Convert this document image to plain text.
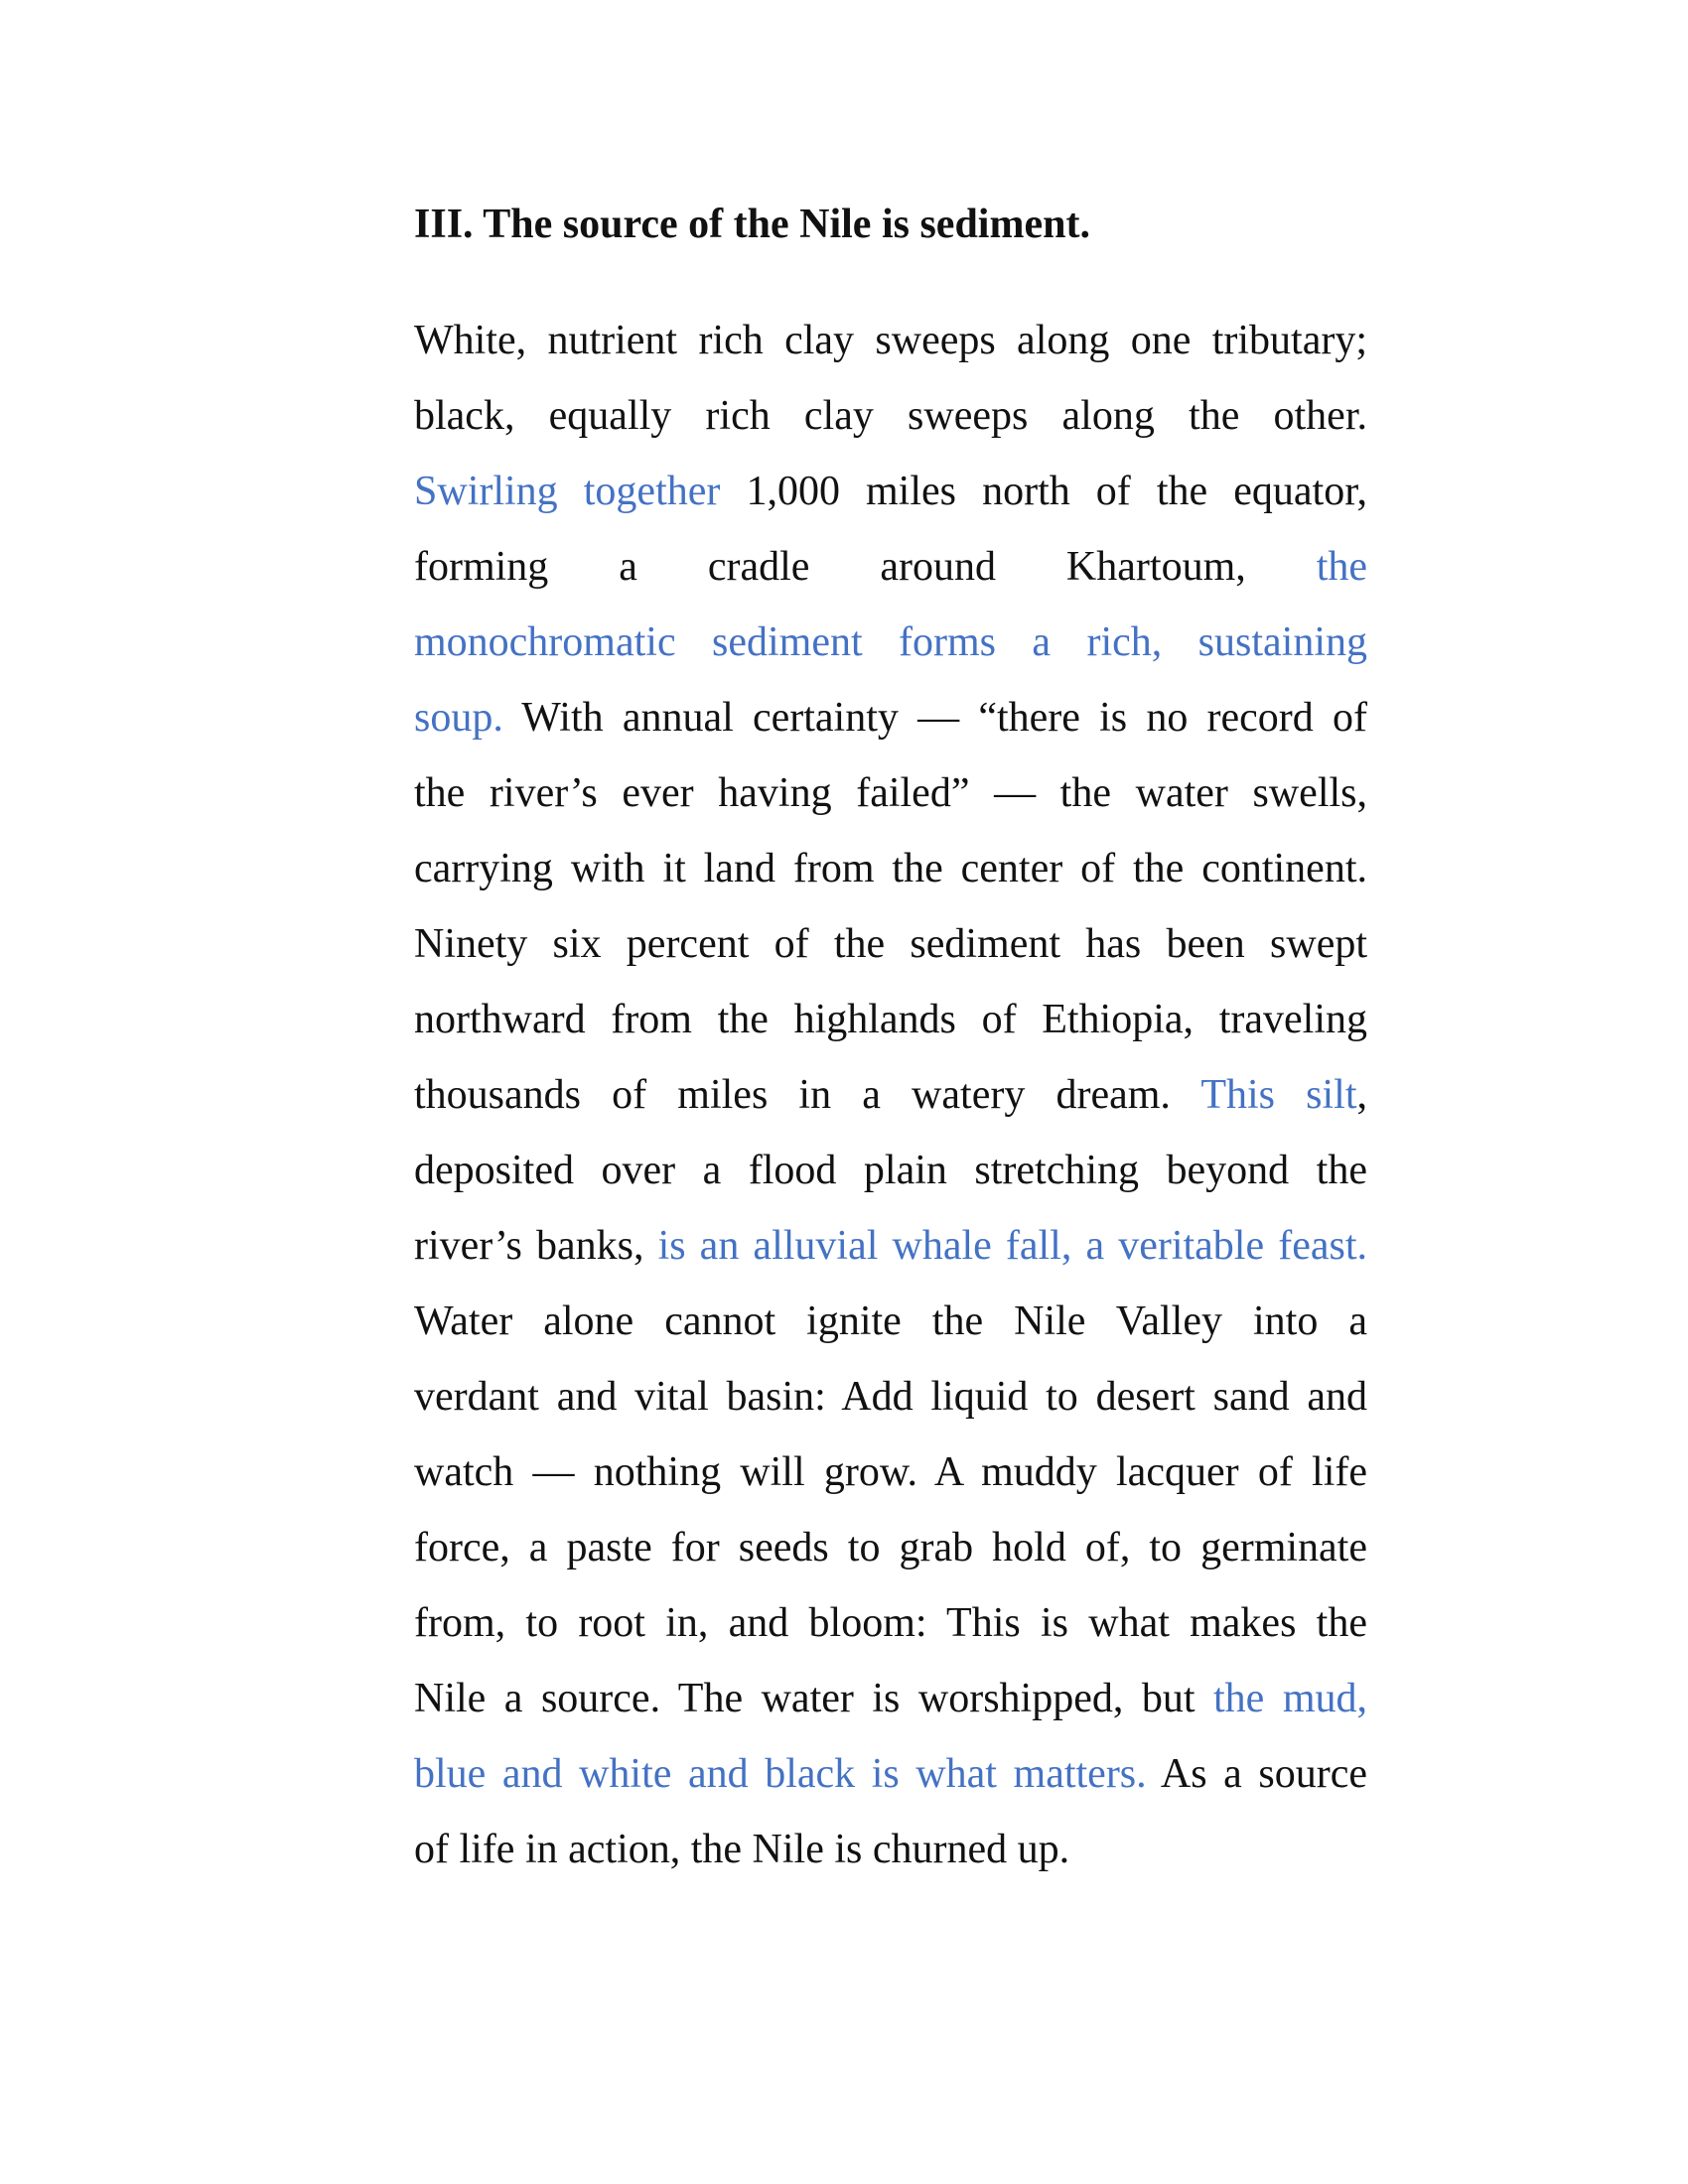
III. The source of the Nile is sediment.
White, nutrient rich clay sweeps along one tributary;
black, equally rich clay sweeps along the other.
Swirling together 1,000 miles north of the equator,
forming a cradle around Khartoum, the
monochromatic sediment forms a rich, sustaining
soup. With annual certainty — “there is no record of
the river’s ever having failed” — the water swells,
carrying with it land from the center of the continent.
Ninety six percent of the sediment has been swept
northward from the highlands of Ethiopia, traveling
thousands of miles in a watery dream. This silt,
deposited over a flood plain stretching beyond the
river’s banks, is an alluvial whale fall, a veritable feast.
Water alone cannot ignite the Nile Valley into a
verdant and vital basin: Add liquid to desert sand and
watch — nothing will grow. A muddy lacquer of life
force, a paste for seeds to grab hold of, to germinate
from, to root in, and bloom: This is what makes the
Nile a source. The water is worshipped, but the mud,
blue and white and black is what matters. As a source
of life in action, the Nile is churned up.
